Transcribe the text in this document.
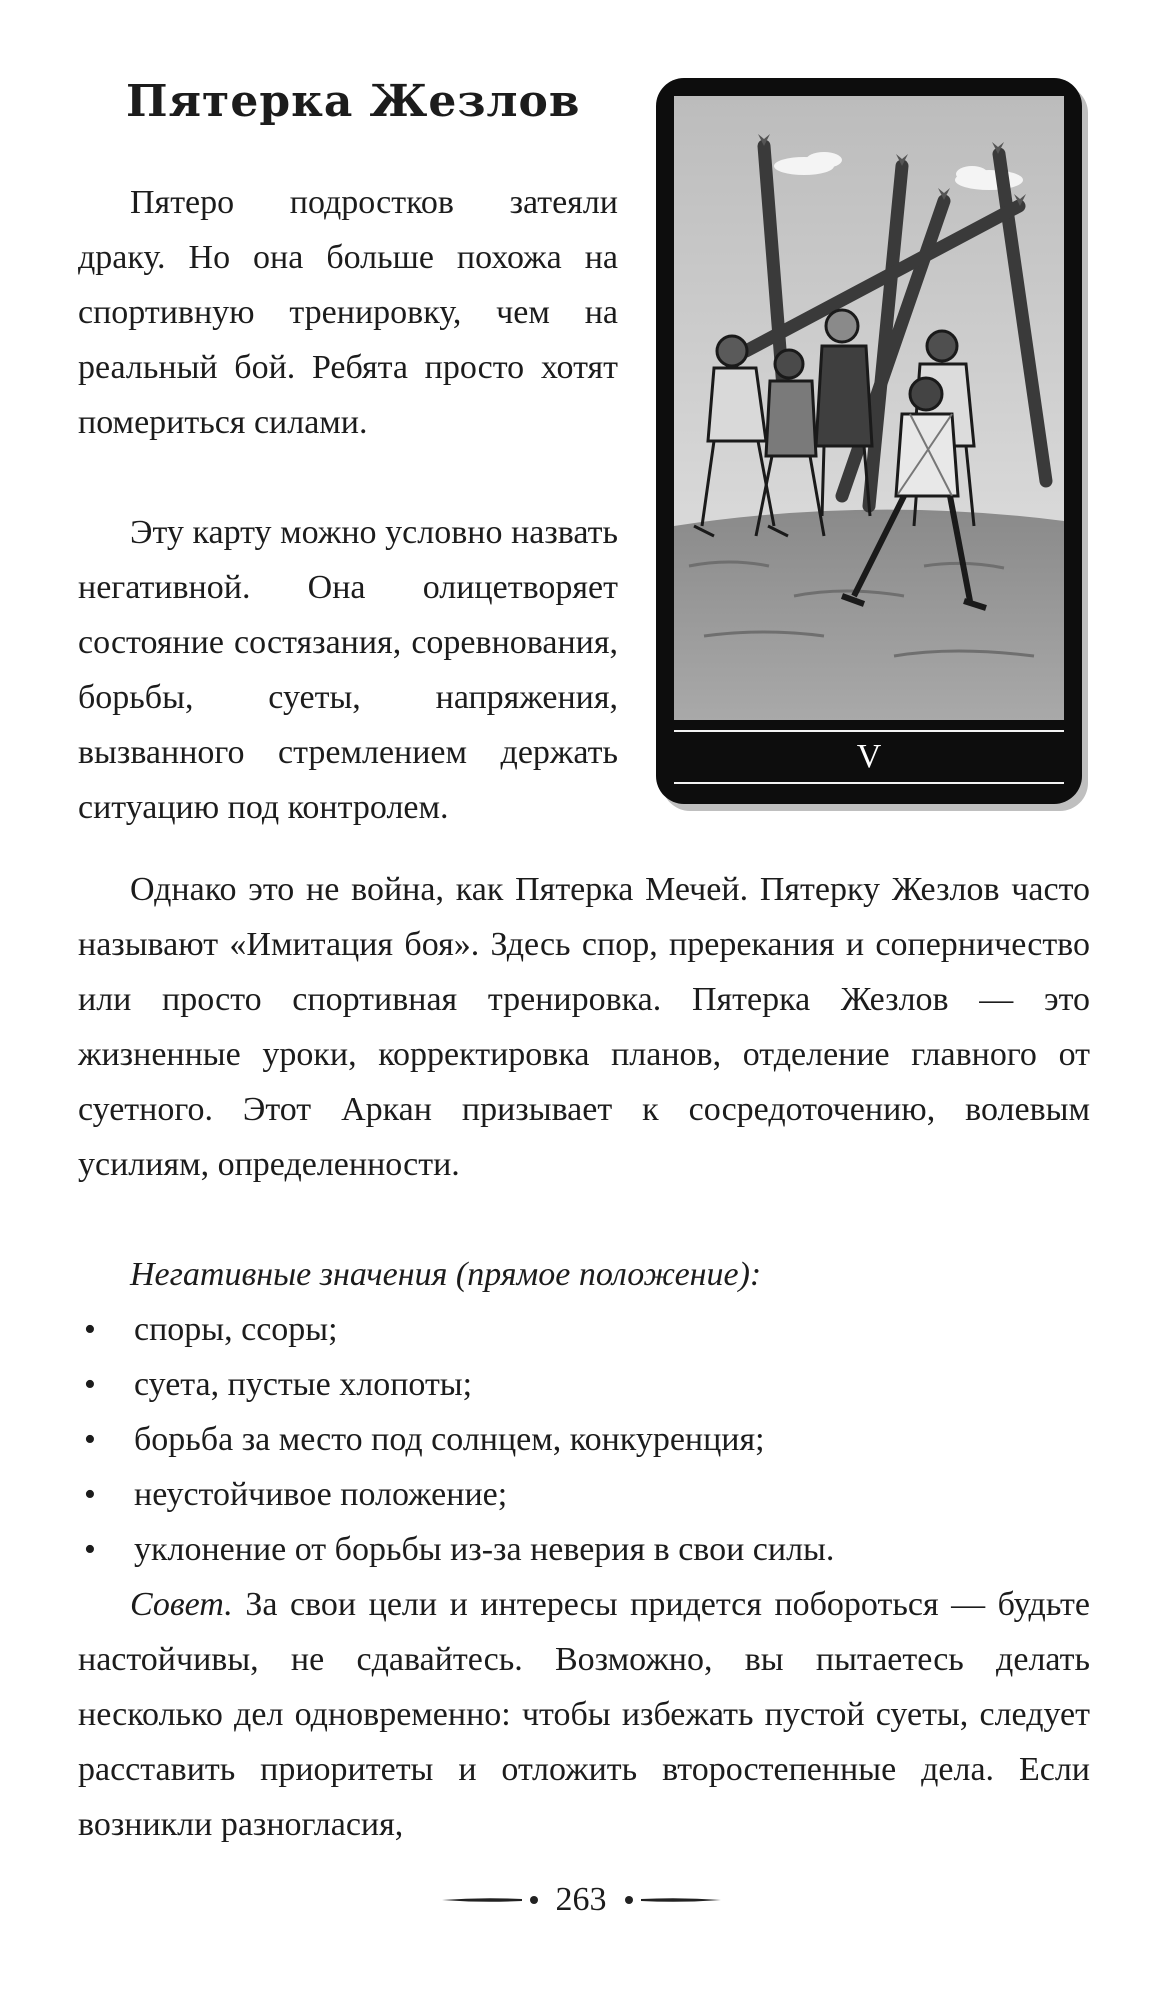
Пятерка Жезлов

Пятеро подростков затеяли драку. Но она больше похожа на спортивную тренировку, чем на реальный бой. Ребята просто хотят помериться силами.

Эту карту можно условно назвать негативной. Она олицетворяет состояние состязания, соревнования, борьбы, суеты, напряжения, вызванного стремлением держать ситуацию под контролем.

V

Однако это не война, как Пятерка Мечей. Пятерку Жезлов часто называют «Имитация боя». Здесь спор, пререкания и соперничество или просто спортивная тренировка. Пятерка Жезлов — это жизненные уроки, корректировка планов, отделение главного от суетного. Этот Аркан призывает к сосредоточению, волевым усилиям, определенности.

Негативные значения (прямое положение):

• споры, ссоры;
• суета, пустые хлопоты;
• борьба за место под солнцем, конкуренция;
• неустойчивое положение;
• уклонение от борьбы из-за неверия в свои силы.

Совет. За свои цели и интересы придется побороться — будьте настойчивы, не сдавайтесь. Возможно, вы пытаетесь делать несколько дел одновременно: чтобы избежать пустой суеты, следует расставить приоритеты и отложить второстепенные дела. Если возникли разногласия,

263
